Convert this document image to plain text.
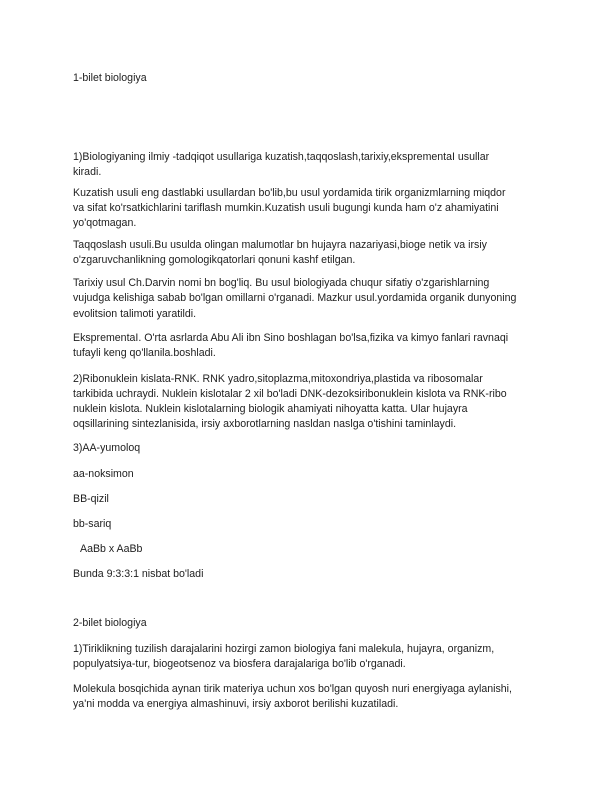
1-bilet biologiya
1)Biologiyaning ilmiy -tadqiqot usullariga kuzatish,taqqoslash,tarixiy,eksprementaI usullar
kiradi.
Kuzatish usuli eng dastlabki usullardan bo'lib,bu usul yordamida tirik organizmlarning miqdor
va sifat ko'rsatkichlarini tariflash mumkin.Kuzatish usuli bugungi kunda ham o'z ahamiyatini
yo'qotmagan.
Taqqoslash usuli.Bu usulda olingan malumotlar bn hujayra nazariyasi,bioge netik va irsiy
o'zgaruvchanlikning gomologikqatorlari qonuni kashf etilgan.
Tarixiy usul Ch.Darvin nomi bn bog'liq. Bu usul biologiyada chuqur sifatiy o'zgarishlarning
vujudga kelishiga sabab bo'lgan omillarni o'rganadi. Mazkur usul.yordamida organik dunyoning
evolitsion talimoti yaratildi.
EksprementaI. O'rta asrlarda Abu Ali ibn Sino boshlagan bo'lsa,fizika va kimyo fanlari ravnaqi
tufayli keng qo'llanila.boshladi.
2)Ribonuklein kislata-RNK. RNK yadro,sitoplazma,mitoxondriya,plastida va ribosomalar
tarkibida uchraydi. Nuklein kislotalar 2 xil bo'ladi DNK-dezoksiribonuklein kislota va RNK-ribo
nuklein kislota. Nuklein kislotalarning biologik ahamiyati nihoyatta katta. Ular hujayra
oqsillarining sintezlanisida, irsiy axborotlarning nasldan naslga o'tishini taminlaydi.
3)AA-yumoloq
aa-noksimon
BB-qizil
bb-sariq
AaBb x AaBb
Bunda 9:3:3:1 nisbat bo'ladi
2-bilet biologiya
1)Tiriklikning tuzilish darajalarini hozirgi zamon biologiya fani malekula, hujayra, organizm,
populyatsiya-tur, biogeotsenoz va biosfera darajalariga bo'lib o'rganadi.
Molekula bosqichida aynan tirik materiya uchun xos bo'lgan quyosh nuri energiyaga aylanishi,
ya'ni modda va energiya almashinuvi, irsiy axborot berilishi kuzatiladi.
